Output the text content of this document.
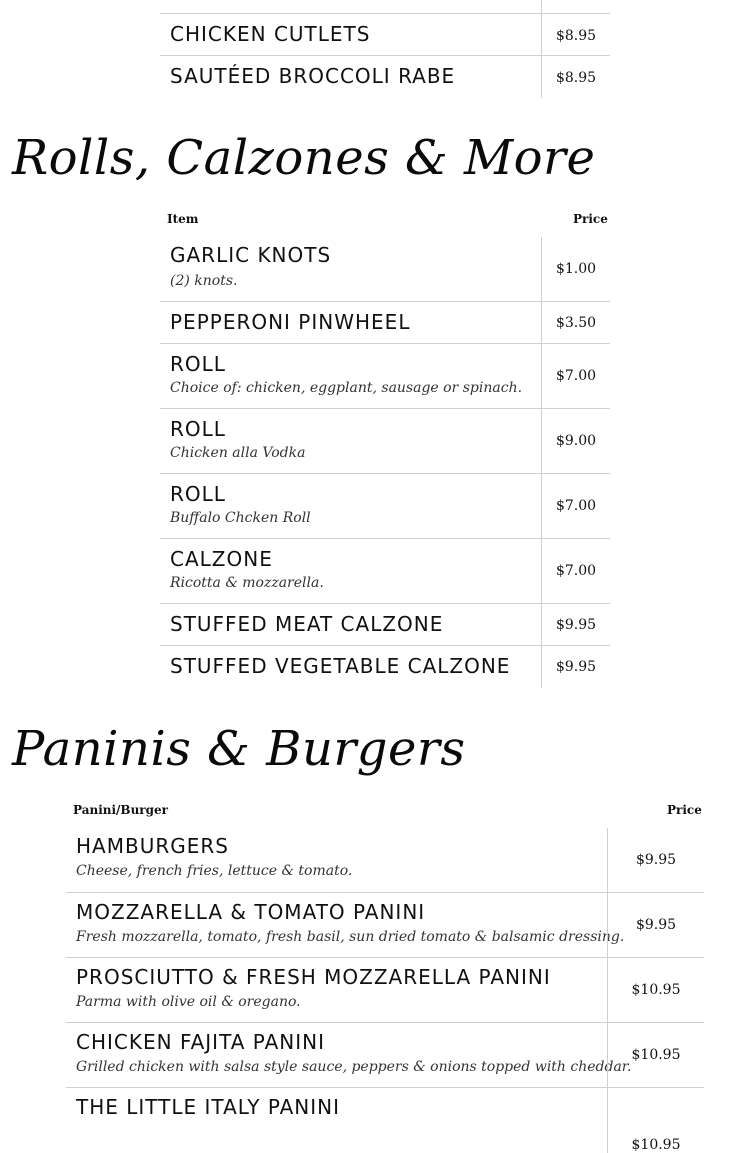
CHICKEN CUTLETS	$8.95
SAUTÉED BROCCOLI RABE	$8.95
Rolls, Calzones & More
Item	Price
GARLIC KNOTS
(2) knots.
$1.00
PEPPERONI PINWHEEL	$3.50
ROLL
Choice of: chicken, eggplant, sausage or spinach.
$7.00
ROLL
Chicken alla Vodka
$9.00
ROLL
Buffalo Chcken Roll
$7.00
CALZONE
Ricotta & mozzarella.
$7.00
STUFFED MEAT CALZONE	$9.95
STUFFED VEGETABLE CALZONE	$9.95
Paninis & Burgers
Panini/Burger	Price
HAMBURGERS
Cheese, french fries, lettuce & tomato.
$9.95
MOZZARELLA & TOMATO PANINI
Fresh mozzarella, tomato, fresh basil, sun dried tomato & balsamic dressing.
$9.95
PROSCIUTTO & FRESH MOZZARELLA PANINI
Parma with olive oil & oregano.
$10.95
CHICKEN FAJITA PANINI
Grilled chicken with salsa style sauce, peppers & onions topped with cheddar.
$10.95
THE LITTLE ITALY PANINI
$10.95
